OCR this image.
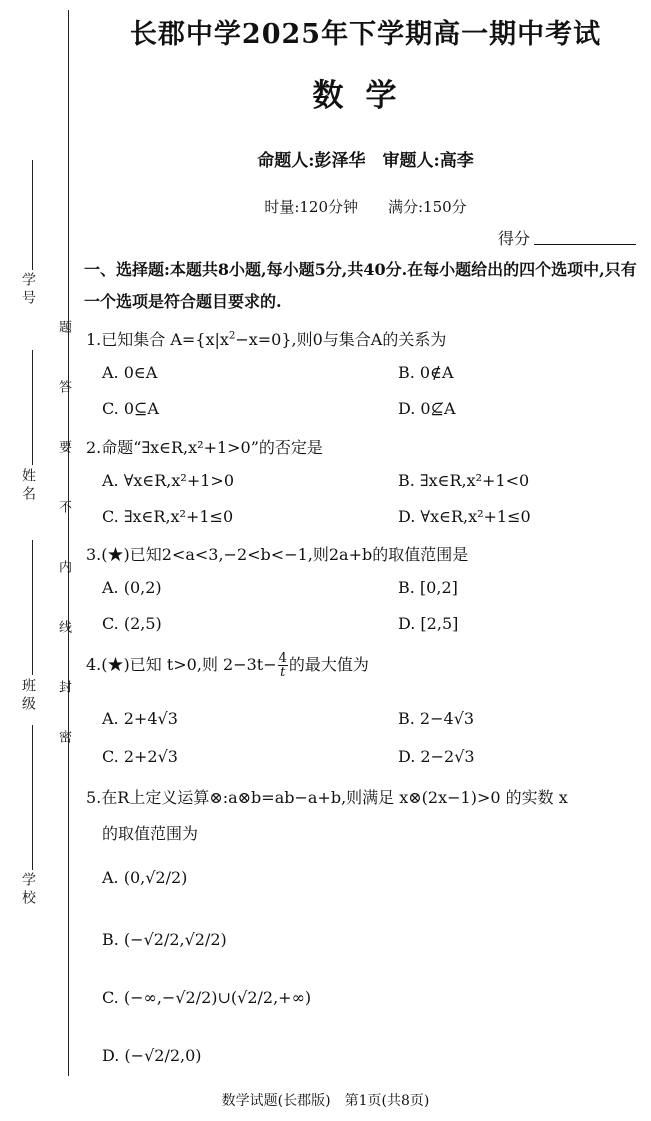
学号
姓名
班级
学校
题
答
要
不
内
线
封
密
长郡中学2025年下学期高一期中考试
数学
命题人:彭泽华　审题人:高李
时量:120分钟　　满分:150分
得分
一、选择题:本题共8小题,每小题5分,共40分.在每小题给出的四个选项中,只有一个选项是符合题目要求的.
1.已知集合 $A=\{x|x^2-x=0\}$,则0与集合A的关系为
A. 0∈A	B. 0∉A
C. 0⊆A	D. 0⊈A
2.命题“∃x∈R,x²+1>0”的否定是
A. ∀x∈R,x²+1>0	B. ∃x∈R,x²+1<0
C. ∃x∈R,x²+1≤0	D. ∀x∈R,x²+1≤0
3.(★)已知2<a<3,−2<b<−1,则2a+b的取值范围是
A. (0,2)	B. [0,2]
C. (2,5)	D. [2,5]
4.(★)已知 t>0,则 $2-3t- \frac{4}{t}$ 的最大值为
A. 2+4√3	B. 2−4√3
C. 2+2√3	D. 2−2√3
5.在R上定义运算⊗:a⊗b=ab−a+b,则满足 x⊗(2x−1)>0 的实数 x
的取值范围为
A. (0,√2/2)
B. (−√2/2,√2/2)
C. (−∞,−√2/2)∪(√2/2,+∞)
D. (−√2/2,0)
数学试题(长郡版)　第1页(共8页)
